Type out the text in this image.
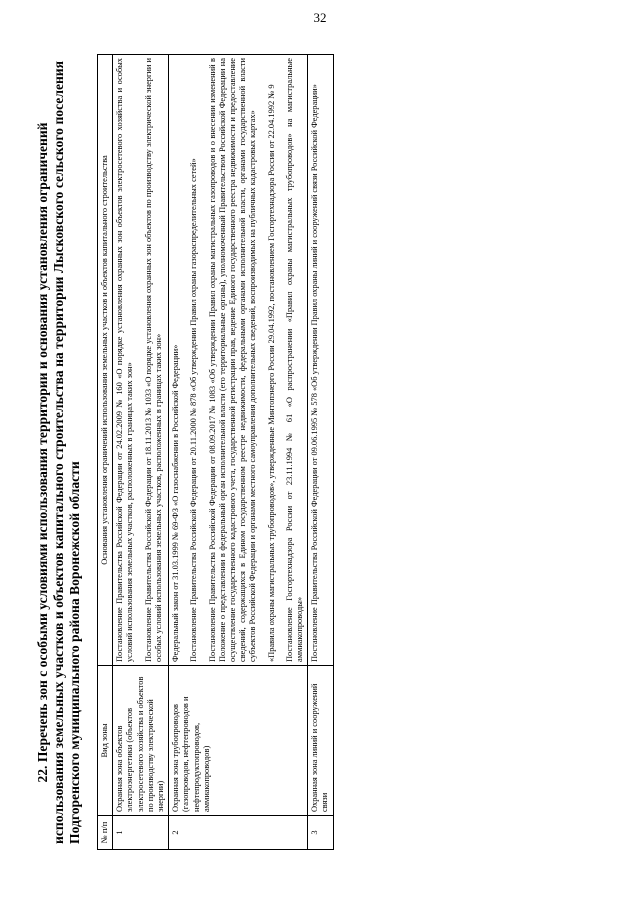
32
22. Перечень зон с особыми условиями использования территории и основания установления ограничений использования земельных участков и объектов капитального строительства на территории Лысковского сельского поселения Подгоренского муниципального района Воронежской области № п/п	Вид зоны	Основания установления ограничений использования земельных участков и объектов капитального строительства
1	Охранная зона объектов электроэнергетики (объектов электросетевого хозяйства и объектов по производству электрической энергии)	Постановление Правительства Российской Федерации от 24.02.2009 № 160 «О порядке установления охранных зон объектов электросетевого хозяйства и особых условий использования земельных участков, расположенных в границах таких зон» Постановление Правительства Российской Федерации от 18.11.2013 № 1033 «О порядке установления охранных зон объектов по производству электрической энергии и особых условий использования земельных участков, расположенных в границах таких зон»

2	Охранная зона трубопроводов (газопроводов, нефтепроводов и нефтепродуктопроводов, аммиакопроводов)	Федеральный закон от 31.03.1999 № 69-ФЗ «О газоснабжении в Российской Федерации» Постановление Правительства Российской Федерации от 20.11.2000 № 878 «Об утверждении Правил охраны газораспределительных сетей» Постановление Правительства Российской Федерации от 08.09.2017 № 1083 «Об утверждении Правил охраны магистральных газопроводов и о внесении изменений в Положение о представлении в федеральный орган исполнительной власти (его территориальные органы), уполномоченный Правительством Российской Федерации на осуществление государственного кадастрового учета, государственной регистрации прав, ведение Единого государственного реестра недвижимости и предоставление сведений, содержащихся в Едином государственном реестре недвижимости, федеральными органами исполнительной власти, органами государственной власти субъектов Российской Федерации и органами местного самоуправления дополнительных сведений, воспроизводимых на публичных кадастровых картах» «Правила охраны магистральных трубопроводов», утвержденные Минтопэнерго России 29.04.1992, постановлением Госгортехнадзора России от 22.04.1992 № 9 Постановление Госгортехнадзора России от 23.11.1994 № 61 «О распространении «Правил охраны магистральных трубопроводов» на магистральные аммиакопроводы»

3	Охранная зона линий и сооружений связи	Постановление Правительства Российской Федерации от 09.06.1995 № 578 «Об утверждении Правил охраны линий и сооружений связи Российской Федерации»
